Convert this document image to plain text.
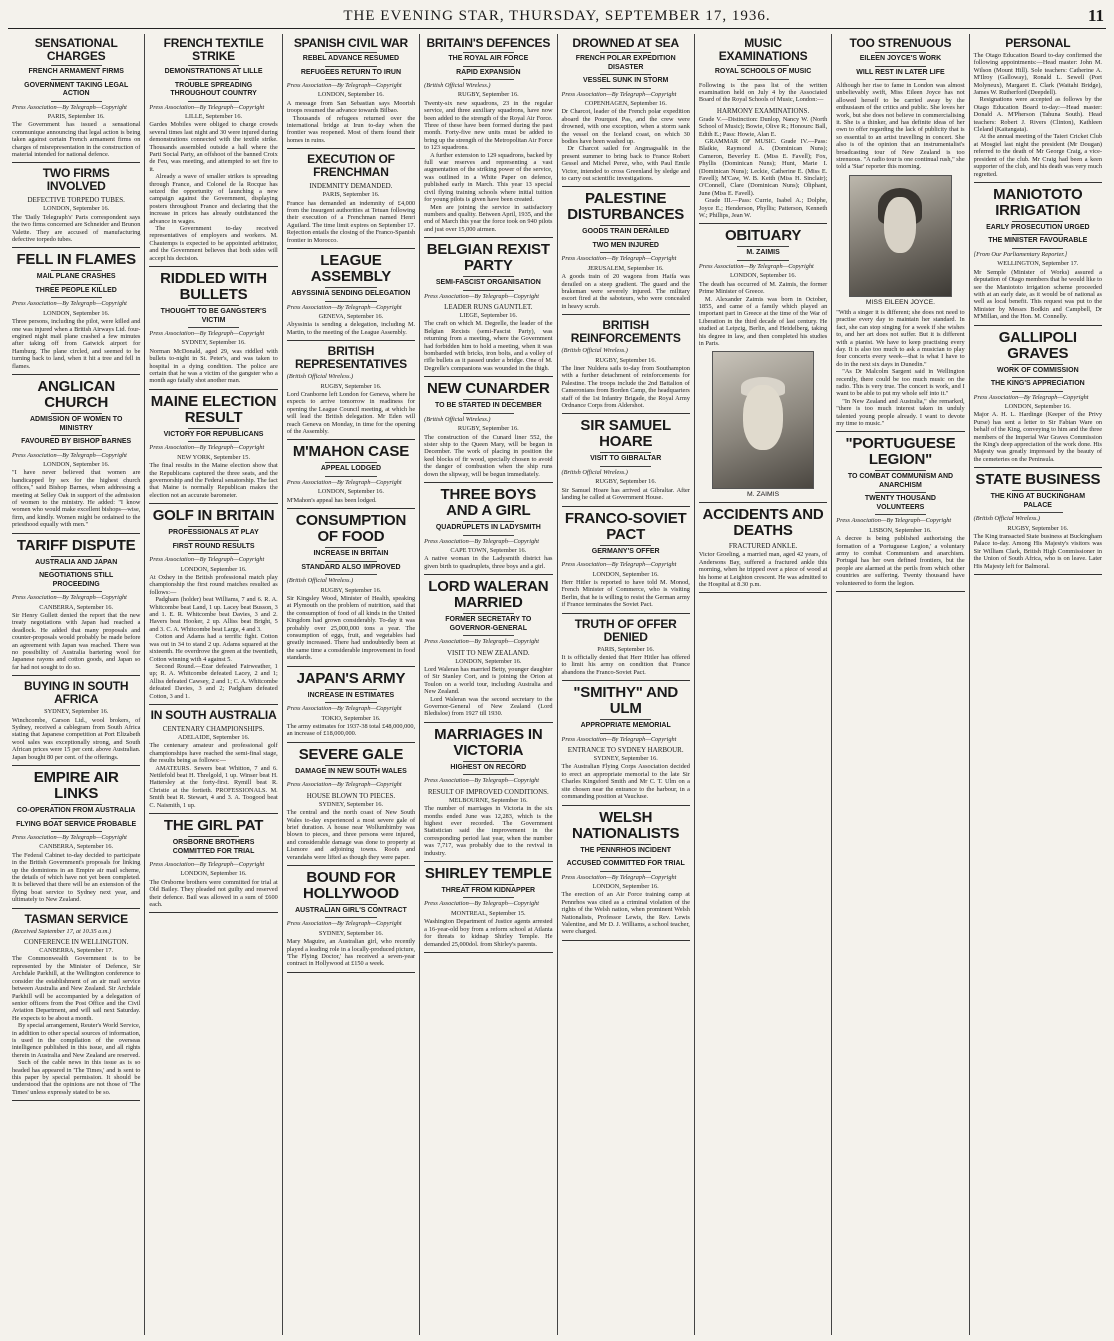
THE EVENING STAR, THURSDAY, SEPTEMBER 17, 1936.	11
SENSATIONAL CHARGES
FRENCH ARMAMENT FIRMS
GOVERNMENT TAKING LEGAL ACTION
Press Association—By Telegraph—Copyright
PARIS, September 16.

The Government has issued a sensational communique announcing that legal action is being taken against certain French armament firms on charges of misrepresentation in the construction of material intended for national defence.

TWO FIRMS INVOLVED
DEFECTIVE TORPEDO TUBES.
LONDON, September 16.

The 'Daily Telegraph's' Paris correspondent says the two firms concerned are Schneider and Brunon Valette. They are accused of manufacturing defective torpedo tubes.

FELL IN FLAMES
MAIL PLANE CRASHES
THREE PEOPLE KILLED
Press Association—By Telegraph—Copyright
LONDON, September 16.

Three persons, including the pilot, were killed and one was injured when a British Airways Ltd. four-engined night mail plane crashed a few minutes after taking off from Gatwick airport for Hamburg. The plane circled, and seemed to be turning back to land, when it hit a tree and fell in flames.

ANGLICAN CHURCH
ADMISSION OF WOMEN TO MINISTRY
FAVOURED BY BISHOP BARNES
Press Association—By Telegraph—Copyright
LONDON, September 16.

"I have never believed that women are handicapped by sex for the highest church offices," said Bishop Barnes, when addressing a meeting at Selley Oak in support of the admission of women to the ministry. He added: "I know women who would make excellent bishops—wise, firm, and kindly. Women might be ordained to the priesthood equally with men."

TARIFF DISPUTE
AUSTRALIA AND JAPAN
NEGOTIATIONS STILL PROCEEDING
Press Association—By Telegraph—Copyright
CANBERRA, September 16.

Sir Henry Gullett denied the report that the new treaty negotiations with Japan had reached a deadlock. He added that many proposals and counter-proposals would probably be made before an agreement with Japan was reached. There was no possibility of Australia bartering wool for Japanese rayons and cotton goods, and Japan so far had not sought to do so.

BUYING IN SOUTH AFRICA
SYDNEY, September 16.

Winchcombe, Carson Ltd., wool brokers, of Sydney, received a cablegram from South Africa stating that Japanese competition at Port Elizabeth wool sales was exceptionally strong, and South African prices were 15 per cent. above Australian. Japan bought 80 per cent. of the offerings.

EMPIRE AIR LINKS
CO-OPERATION FROM AUSTRALIA
FLYING BOAT SERVICE PROBABLE
Press Association—By Telegraph—Copyright
CANBERRA, September 16.

The Federal Cabinet to-day decided to participate in the British Government's proposals for linking up the dominions in an Empire air mail scheme, the details of which have not yet been completed. It is believed that there will be an extension of the flying boat service to Sydney next year, and ultimately to New Zealand.

TASMAN SERVICE
(Received September 17, at 10.35 a.m.)
CONFERENCE IN WELLINGTON.
CANBERRA, September 17.

The Commonwealth Government is to be represented by the Minister of Defence, Sir Archdale Parkhill, at the Wellington conference to consider the establishment of an air mail service between Australia and New Zealand. Sir Archdale Parkhill will be accompanied by a delegation of senior officers from the Post Office and the Civil Aviation Department, and will sail next Saturday. He expects to be about a month.

By special arrangement, Reuter's World Service, in addition to other special sources of information, is used in the compilation of the overseas intelligence published in this issue, and all rights therein in Australia and New Zealand are reserved.

Such of the cable news in this issue as is so headed has appeared in 'The Times,' and is sent to this paper by special permission. It should be understood that the opinions are not those of 'The Times' unless expressly stated to be so.

FRENCH TEXTILE STRIKE
DEMONSTRATIONS AT LILLE
TROUBLE SPREADING THROUGHOUT COUNTRY
Press Association—By Telegraph—Copyright
LILLE, September 16.

Gardes Mobiles were obliged to charge crowds several times last night and 30 were injured during demonstrations connected with the textile strike. Thousands assembled outside a hall where the Parti Social Party, an offshoot of the banned Croix de Feu, was meeting, and attempted to set fire to it.

Already a wave of smaller strikes is spreading through France, and Colonel de la Rocque has seized the opportunity of launching a new campaign against the Government, displaying posters throughout France and declaring that the increase in prices has already outdistanced the advance in wages.

The Government to-day received representatives of employers and workers. M. Chautemps is expected to be appointed arbitrator, and the Government believes that both sides will accept his decision.

RIDDLED WITH BULLETS
THOUGHT TO BE GANGSTER'S VICTIM
Press Association—By Telegraph—Copyright
SYDNEY, September 16.

Norman McDonald, aged 29, was riddled with bullets to-night in St. Peter's, and was taken to hospital in a dying condition. The police are certain that he was a victim of the gangster who a month ago fatally shot another man.

MAINE ELECTION RESULT
VICTORY FOR REPUBLICANS
Press Association—By Telegraph—Copyright
NEW YORK, September 15.

The final results in the Maine election show that the Republicans captured the three seats, and the governorship and the Federal senatorship. The fact that Maine is normally Republican makes the election not an accurate barometer.

GOLF IN BRITAIN
PROFESSIONALS AT PLAY
FIRST ROUND RESULTS
Press Association—By Telegraph—Copyright
LONDON, September 16.

At Oxhey in the British professional match play championship the first round matches resulted as follows:—

Padgham (holder) beat Williams, 7 and 6. R. A. Whitcombe beat Land, 1 up. Lacey beat Busson, 3 and 1. E. R. Whitcombe beat Davies, 3 and 2. Havers beat Hooker, 2 up. Alliss beat Bright, 5 and 3. C. A. Whitcombe beat Large, 4 and 3.

Cotton and Adams had a terrific fight. Cotton was out in 34 to stand 2 up. Adams squared at the sixteenth. He overdrove the green at the twentieth, Cotton winning with 4 against 5.

Second Round.—Ezar defeated Fairweather, 1 up; R. A. Whitcombe defeated Lacey, 2 and 1; Alliss defeated Cawsey, 2 and 1; C. A. Whitcombe defeated Davies, 3 and 2; Padgham defeated Cotton, 3 and 1.

IN SOUTH AUSTRALIA
CENTENARY CHAMPIONSHIPS.
ADELAIDE, September 16.

The centenary amateur and professional golf championships have reached the semi-final stage, the results being as follows:—

AMATEURS. Sewers beat Whitton, 7 and 6. Nettlefold beat H. Threlgold, 1 up. Winser beat H. Hattersley at the forty-first. Rymill beat R. Christie at the fortieth. PROFESSIONALS. M. Smith beat R. Stewart, 4 and 3. A. Toogood beat C. Naismith, 1 up.

THE GIRL PAT
ORSBORNE BROTHERS COMMITTED FOR TRIAL
Press Association—By Telegraph—Copyright
LONDON, September 16.

The Orsborne brothers were committed for trial at Old Bailey. They pleaded not guilty and reserved their defence. Bail was allowed in a sum of £600 each.

SPANISH CIVIL WAR
REBEL ADVANCE RESUMED
REFUGEES RETURN TO IRUN
Press Association—By Telegraph—Copyright
LONDON, September 16.

A message from San Sebastian says Moorish troops resumed the advance towards Bilbao.

Thousands of refugees returned over the international bridge at Irun to-day when the frontier was reopened. Most of them found their homes in ruins.

EXECUTION OF FRENCHMAN
INDEMNITY DEMANDED.
PARIS, September 16.

France has demanded an indemnity of £4,000 from the insurgent authorities at Tetuan following their execution of a Frenchman named Henri Aguilard. The time limit expires on September 17. Rejection entails the closing of the Franco-Spanish frontier in Morocco.

LEAGUE ASSEMBLY
ABYSSINIA SENDING DELEGATION
Press Association—By Telegraph—Copyright
GENEVA, September 16.

Abyssinia is sending a delegation, including M. Martin, to the meeting of the League Assembly.

BRITISH REPRESENTATIVES
(British Official Wireless.)
RUGBY, September 16.

Lord Cranborne left London for Geneva, where he expects to arrive tomorrow in readiness for opening the League Council meeting, at which he will lead the British delegation. Mr Eden will reach Geneva on Monday, in time for the opening of the Assembly.

M'MAHON CASE
APPEAL LODGED
Press Association—By Telegraph—Copyright
LONDON, September 16.

M'Mahon's appeal has been lodged.

CONSUMPTION OF FOOD
INCREASE IN BRITAIN
STANDARD ALSO IMPROVED
(British Official Wireless.)
RUGBY, September 16.

Sir Kingsley Wood, Minister of Health, speaking at Plymouth on the problem of nutrition, said that the consumption of food of all kinds in the United Kingdom had grown considerably. To-day it was probably over 25,000,000 tons a year. The consumption of eggs, fruit, and vegetables had greatly increased. There had undoubtedly been at the same time a considerable improvement in food standards.

JAPAN'S ARMY
INCREASE IN ESTIMATES
Press Association—By Telegraph—Copyright
TOKIO, September 16.

The army estimates for 1937-38 total £48,000,000, an increase of £18,000,000.

SEVERE GALE
DAMAGE IN NEW SOUTH WALES
Press Association—By Telegraph—Copyright
HOUSE BLOWN TO PIECES.
SYDNEY, September 16.

The central and the north coast of New South Wales to-day experienced a most severe gale of brief duration. A house near Wollumbimby was blown to pieces, and three persons were injured, and considerable damage was done to property at Lismore and adjoining towns. Roofs and verandahs were lifted as though they were paper.

BOUND FOR HOLLYWOOD
AUSTRALIAN GIRL'S CONTRACT
Press Association—By Telegraph—Copyright
SYDNEY, September 16.

Mary Maguire, an Australian girl, who recently played a leading role in a locally-produced picture, 'The Flying Doctor,' has received a seven-year contract in Hollywood at £150 a week.

BRITAIN'S DEFENCES
THE ROYAL AIR FORCE
RAPID EXPANSION
(British Official Wireless.)
RUGBY, September 16.

Twenty-six new squadrons, 23 in the regular service, and three auxiliary squadrons, have now been added to the strength of the Royal Air Force. Three of these have been formed during the past month. Forty-five new units must be added to bring up the strength of the Metropolitan Air Force to 123 squadrons.

A further extension to 129 squadrons, backed by full war reserves and representing a vast augmentation of the striking power of the service, was outlined in a White Paper on defence, published early in March. This year 13 special civil flying training schools where initial tuition for young pilots is given have been created.

Men are joining the service in satisfactory numbers and quality. Between April, 1935, and the end of March this year the force took on 940 pilots and just over 15,000 airmen.

BELGIAN REXIST PARTY
SEMI-FASCIST ORGANISATION
Press Association—By Telegraph—Copyright
LEADER RUNS GAUNTLET.
LIEGE, September 16.

The craft on which M. Degrelle, the leader of the Belgian Rexists (semi-Fascist Party), was returning from a meeting, where the Government had forbidden him to hold a meeting, when it was bombarded with bricks, iron bolts, and a volley of rifle bullets as it passed under a bridge. One of M. Degrelle's companions was wounded in the thigh.

NEW CUNARDER
TO BE STARTED IN DECEMBER
(British Official Wireless.)
RUGBY, September 16.

The construction of the Cunard liner 552, the sister ship to the Queen Mary, will be begun in December. The work of placing in position the keel blocks of fir wood, specially chosen to avoid the danger of combustion when the ship runs down the slipway, will be begun immediately.

THREE BOYS AND A GIRL
QUADRUPLETS IN LADYSMITH
Press Association—By Telegraph—Copyright
CAPE TOWN, September 16.

A native woman in the Ladysmith district has given birth to quadruplets, three boys and a girl.

LORD WALERAN MARRIED
FORMER SECRETARY TO GOVERNOR-GENERAL
Press Association—By Telegraph—Copyright
VISIT TO NEW ZEALAND.
LONDON, September 16.

Lord Waleran has married Betty, younger daughter of Sir Stanley Cort, and is joining the Orion at Toulon on a world tour, including Australia and New Zealand.

Lord Waleran was the second secretary to the Governor-General of New Zealand (Lord Bledisloe) from 1927 till 1930.

MARRIAGES IN VICTORIA
HIGHEST ON RECORD
Press Association—By Telegraph—Copyright
RESULT OF IMPROVED CONDITIONS.
MELBOURNE, September 16.

The number of marriages in Victoria in the six months ended June was 12,283, which is the highest ever recorded. The Government Statistician said the improvement in the corresponding period last year, when the number was 7,717, was probably due to the revival in industry.

SHIRLEY TEMPLE
THREAT FROM KIDNAPPER
Press Association—By Telegraph—Copyright
MONTREAL, September 15.

Washington Department of Justice agents arrested a 16-year-old boy from a reform school at Atlanta for threats to kidnap Shirley Temple. He demanded 25,000dol. from Shirley's parents.

DROWNED AT SEA
FRENCH POLAR EXPEDITION DISASTER
VESSEL SUNK IN STORM
Press Association—By Telegraph—Copyright
COPENHAGEN, September 16.

Dr Charcot, leader of the French polar expedition aboard the Pourquoi Pas, and the crew were drowned, with one exception, when a storm sank the vessel on the Iceland coast, on which 30 bodies have been washed up.

Dr Charcot sailed for Angmagsalik in the present summer to bring back to France Robert Gessel and Michel Perez, who, with Paul Emile Victor, intended to cross Greenland by sledge and to carry out scientific investigations.

PALESTINE DISTURBANCES
GOODS TRAIN DERAILED
TWO MEN INJURED
Press Association—By Telegraph—Copyright
JERUSALEM, September 16.

A goods train of 20 wagons from Haifa was derailed on a steep gradient. The guard and the brakeman were severely injured. The military escort fired at the saboteurs, who were concealed in heavy scrub.

BRITISH REINFORCEMENTS
(British Official Wireless.)
RUGBY, September 16.

The liner Nuldera sails to-day from Southampton with a further detachment of reinforcements for Palestine. The troops include the 2nd Battalion of Cameronians from Borden Camp, the headquarters staff of the 1st Infantry Brigade, the Royal Army Ordnance Corps from Aldershot.

SIR SAMUEL HOARE
VISIT TO GIBRALTAR
(British Official Wireless.)
RUGBY, September 16.

Sir Samuel Hoare has arrived at Gibraltar. After landing he called at Government House.

FRANCO-SOVIET PACT
GERMANY'S OFFER
Press Association—By Telegraph—Copyright
LONDON, September 16.

Herr Hitler is reported to have told M. Monod, French Minister of Commerce, who is visiting Berlin, that he is willing to resist the German army if France terminates the Soviet Pact.

TRUTH OF OFFER DENIED
PARIS, September 16.

It is officially denied that Herr Hitler has offered to limit his army on condition that France abandons the Franco-Soviet Pact.

"SMITHY" AND ULM
APPROPRIATE MEMORIAL
Press Association—By Telegraph—Copyright
ENTRANCE TO SYDNEY HARBOUR.
SYDNEY, September 16.

The Australian Flying Corps Association decided to erect an appropriate memorial to the late Sir Charles Kingsford Smith and Mr C. T. Ulm on a site chosen near the entrance to the harbour, in a commanding position at Vaucluse.

WELSH NATIONALISTS
THE PENNRHOS INCIDENT
ACCUSED COMMITTED FOR TRIAL
Press Association—By Telegraph—Copyright
LONDON, September 16.

The erection of an Air Force training camp at Pennrhos was cited as a criminal violation of the rights of the Welsh nation, when prominent Welsh Nationalists, Professor Lewis, the Rev. Lewis Valentine, and Mr D. J. Williams, a school teacher, were charged.

MUSIC EXAMINATIONS
ROYAL SCHOOLS OF MUSIC

Following is the pass list of the written examination held on July 4 by the Associated Board of the Royal Schools of Music, London:—

HARMONY EXAMINATIONS.

Grade V.—Distinction: Dunlop, Nancy W. (North School of Music); Bowie, Olive R.; Honours: Ball, Edith E.; Pass: Howie, Alan E.

GRAMMAR OF MUSIC. Grade IV.—Pass: Blaikie, Raymond A. (Dominican Nuns); Cameron, Beverley E. (Miss E. Favell); Fox, Phyllis (Dominican Nuns); Hunt, Marie I. (Dominican Nuns); Leckie, Catherine E. (Miss E. Favell); M'Caw, W. B. Keith (Miss H. Sinclair); O'Connell, Clare (Dominican Nuns); Oliphant, June (Miss E. Favell).

Grade III.—Pass: Currie, Isabel A.; Dolphe, Joyce E.; Henderson, Phyllis; Patterson, Kenneth W.; Phillips, Jean W.

OBITUARY
M. ZAIMIS
Press Association—By Telegraph—Copyright
LONDON, September 16.

The death has occurred of M. Zaimis, the former Prime Minister of Greece.

M. Alexander Zaimis was born in October, 1855, and came of a family which played an important part in Greece at the time of the War of Liberation in the third decade of last century. He studied at Leipzig, Berlin, and Heidelberg, taking his degree in law, and then completed his studies in Paris.

M. ZAIMIS
ACCIDENTS AND DEATHS
FRACTURED ANKLE.

Victor Groeling, a married man, aged 42 years, of Andersons Bay, suffered a fractured ankle this morning, when he tripped over a piece of wood at his home at Leighton crescent. He was admitted to the Hospital at 8.30 p.m.

TOO STRENUOUS
EILEEN JOYCE'S WORK
WILL REST IN LATER LIFE

Although her rise to fame in London was almost unbelievably swift, Miss Eileen Joyce has not allowed herself to be carried away by the enthusiasm of the critics and public. She loves her work, but she does not believe in commercialising it. She is a thinker, and has definite ideas of her own to offer regarding the lack of publicity that is so essential to an artist travelling in concert. She also is of the opinion that an instrumentalist's broadcasting tour of New Zealand is too strenuous. "A radio tour is one continual rush," she told a 'Star' reporter this morning.

MISS EILEEN JOYCE.

"With a singer it is different; she does not need to practise every day to maintain her standard. In fact, she can stop singing for a week if she wishes to, and her art does not suffer. But it is different with a pianist. We have to keep practising every day. It is also too much to ask a musician to play four concerts every week—that is what I have to do in the next six days in Dunedin."

"As Dr Malcolm Sargent said in Wellington recently, there could be too much music on the radio. This is very true. The concert is work, and I want to be able to put my whole self into it."

"In New Zealand and Australia," she remarked, "there is too much interest taken in unduly talented young people already. I want to devote my time to music."

"PORTUGUESE LEGION"
TO COMBAT COMMUNISM AND ANARCHISM
TWENTY THOUSAND VOLUNTEERS
Press Association—By Telegraph—Copyright
LISBON, September 16.

A decree is being published authorising the formation of a 'Portuguese Legion,' a voluntary army to combat Communism and anarchism. Portugal has her own defined frontiers, but the people are alarmed at the perils from which other countries are suffering. Twenty thousand have volunteered to form the legion.

PERSONAL

The Otago Education Board to-day confirmed the following appointments:—Head master: John M. Wilson (Mount Hill). Sole teachers: Catherine A. M'Ilroy (Galloway), Ronald L. Sewell (Port Molyneux), Margaret E. Clark (Waitahi Bridge), James W. Rutherford (Deepdell).

Resignations were accepted as follows by the Otago Education Board to-day:—Head master: Donald A. M'Pherson (Tahuna South). Head teachers: Robert J. Rivers (Clinton), Kathleen Cleland (Kaitangata).

At the annual meeting of the Taieri Cricket Club at Mosgiel last night the president (Mr Dougan) referred to the death of Mr George Craig, a vice-president of the club. Mr Craig had been a keen supporter of the club, and his death was very much regretted.

MANIOTOTO IRRIGATION
EARLY PROSECUTION URGED
THE MINISTER FAVOURABLE
[From Our Parliamentary Reporter.]
WELLINGTON, September 17.

Mr Semple (Minister of Works) assured a deputation of Otago members that he would like to see the Maniototo irrigation scheme proceeded with at an early date, as it would be of national as well as local benefit. This request was put to the Minister by Messrs Bodkin and Campbell, Dr M'Millan, and the Hon. M. Connelly.

GALLIPOLI GRAVES
WORK OF COMMISSION
THE KING'S APPRECIATION
Press Association—By Telegraph—Copyright
LONDON, September 16.

Major A. H. L. Hardinge (Keeper of the Privy Purse) has sent a letter to Sir Fabian Ware on behalf of the King, conveying to him and the three members of the Imperial War Graves Commission the King's deep appreciation of the work done. His Majesty was greatly impressed by the beauty of the cemeteries on the Peninsula.

STATE BUSINESS
THE KING AT BUCKINGHAM PALACE
(British Official Wireless.)
RUGBY, September 16.

The King transacted State business at Buckingham Palace to-day. Among His Majesty's visitors was Sir William Clark, British High Commissioner in the Union of South Africa, who is on leave. Later His Majesty left for Balmoral.
